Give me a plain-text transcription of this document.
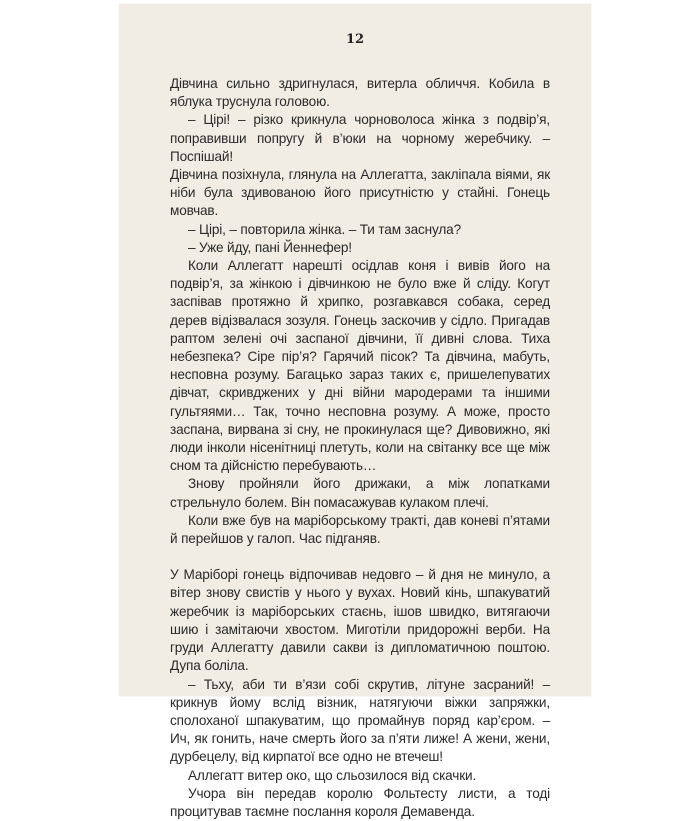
12

Дівчина сильно здригнулася, витерла обличчя. Кобила в яблука труснула головою.

– Цірі! – різко крикнула чорноволоса жінка з подвір’я, поправивши попругу й в’юки на чорному жеребчику. – Поспішай!

Дівчина позіхнула, глянула на Аллегатта, закліпала віями, як ніби була здивованою його присутністю у стайні. Гонець мовчав.

– Цірі, – повторила жінка. – Ти там заснула?

– Уже йду, пані Йеннефер!

Коли Аллегатт нарешті осідлав коня і вивів його на подвір’я, за жінкою і дівчинкою не було вже й сліду. Когут заспівав протяжно й хрипко, розгавкався собака, серед дерев відізвалася зозуля. Гонець заскочив у сідло. Пригадав раптом зелені очі заспаної дівчини, її дивні слова. Тиха небезпека? Сіре пір’я? Гарячий пісок? Та дівчина, мабуть, несповна розуму. Багацько зараз таких є, пришелепуватих дівчат, скривджених у дні війни мародерами та іншими гультяями… Так, точно несповна розуму. А може, просто заспана, вирвана зі сну, не прокинулася ще? Дивовижно, які люди інколи нісенітниці плетуть, коли на світанку все ще між сном та дійсністю перебувають…

Знову пройняли його дрижаки, а між лопатками стрельнуло болем. Він помасажував кулаком плечі.

Коли вже був на маріборському тракті, дав коневі п’ятами й перейшов у галоп. Час підганяв.

У Маріборі гонець відпочивав недовго – й дня не минуло, а вітер знову свистів у нього у вухах. Новий кінь, шпакуватий жеребчик із маріборських стаєнь, ішов швидко, витягаючи шию і замітаючи хвостом. Миготіли придорожні верби. На груди Аллегатту давили сакви із дипломатичною поштою. Дупа боліла.

– Тьху, аби ти в’язи собі скрутив, літуне засраний! – крикнув йому вслід візник, натягуючи віжки запряжки, сполоханої шпакуватим, що промайнув поряд кар’єром. – Ич, як гонить, наче смерть його за п’яти лиже! А жени, жени, дурбецелу, від кирпатої все одно не втечеш!

Аллегатт витер око, що сльозилося від скачки.

Учора він передав королю Фольтесту листи, а тоді процитував таємне послання короля Демавенда.
